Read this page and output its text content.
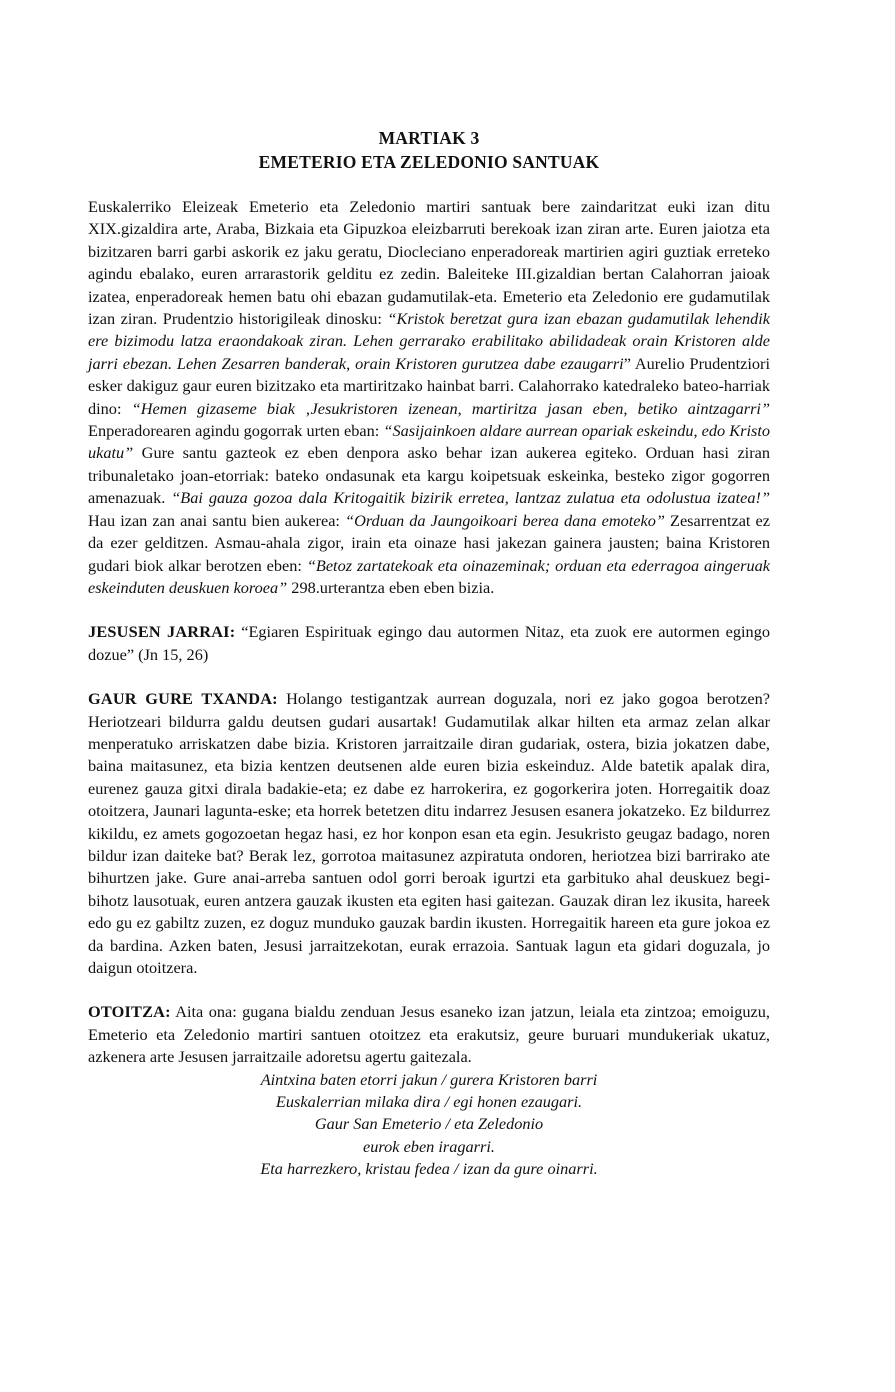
MARTIAK 3
EMETERIO ETA ZELEDONIO SANTUAK

Euskalerriko Eleizeak Emeterio eta Zeledonio martiri santuak bere zaindaritzat euki izan ditu XIX.gizaldira arte, Araba, Bizkaia eta Gipuzkoa eleizbarruti berekoak izan ziran arte. Euren jaiotza eta bizitzaren barri garbi askorik ez jaku geratu, Diocleciano enperadoreak martirien agiri guztiak erreteko agindu ebalako, euren arrarastorik gelditu ez zedin. Baleiteke III.gizaldian bertan Calahorran jaioak izatea, enperadoreak hemen batu ohi ebazan gudamutilak-eta. Emeterio eta Zeledonio ere gudamutilak izan ziran. Prudentzio historigileak dinosku: “Kristok beretzat gura izan ebazan gudamutilak lehendik ere bizimodu latza eraondakoak ziran. Lehen gerrarako erabilitako abilidadeak orain Kristoren alde jarri ebezan. Lehen Zesarren banderak, orain Kristoren gurutzea dabe ezaugarri” Aurelio Prudentziori esker dakiguz gaur euren bizitzako eta martiritzako hainbat barri. Calahorrako katedraleko bateo-harriak dino: “Hemen gizaseme biak ‚Jesukristoren izenean, martiritza jasan eben, betiko aintzagarri” Enperadorearen agindu gogorrak urten eban: “Sasijainkoen aldare aurrean opariak eskeindu, edo Kristo ukatu” Gure santu gazteok ez eben denpora asko behar izan aukerea egiteko. Orduan hasi ziran tribunaletako joan-etorriak: bateko ondasunak eta kargu koipetsuak eskeinka, besteko zigor gogorren amenazuak. “Bai gauza gozoa dala Kritogaitik bizirik erretea, lantzaz zulatua eta odolustua izatea!” Hau izan zan anai santu bien aukerea: “Orduan da Jaungoikoari berea dana emoteko” Zesarrentzat ez da ezer gelditzen. Asmau-ahala zigor, irain eta oinaze hasi jakezan gainera jausten; baina Kristoren gudari biok alkar berotzen eben: “Betoz zartatekoak eta oinazeminak; orduan eta ederragoa aingeruak eskeinduten deuskuen koroea” 298.urterantza eben eben bizia.

JESUSEN JARRAI: “Egiaren Espirituak egingo dau autormen Nitaz, eta zuok ere autormen egingo dozue” (Jn 15, 26)

GAUR GURE TXANDA: Holango testigantzak aurrean doguzala, nori ez jako gogoa berotzen? Heriotzeari bildurra galdu deutsen gudari ausartak! Gudamutilak alkar hilten eta armaz zelan alkar menperatuko arriskatzen dabe bizia. Kristoren jarraitzaile diran gudariak, ostera, bizia jokatzen dabe, baina maitasunez, eta bizia kentzen deutsenen alde euren bizia eskeinduz. Alde batetik apalak dira, eurenez gauza gitxi dirala badakie-eta; ez dabe ez harrokerira, ez gogorkerira joten. Horregaitik doaz otoitzera, Jaunari lagunta-eske; eta horrek betetzen ditu indarrez Jesusen esanera jokatzeko. Ez bildurrez kikildu, ez amets gogozoetan hegaz hasi, ez hor konpon esan eta egin. Jesukristo geugaz badago, noren bildur izan daiteke bat? Berak lez, gorrotoa maitasunez azpiratuta ondoren, heriotzea bizi barrirako ate bihurtzen jake. Gure anai-arreba santuen odol gorri beroak igurtzi eta garbituko ahal deuskuez begi-bihotz lausotuak, euren antzera gauzak ikusten eta egiten hasi gaitezan. Gauzak diran lez ikusita, hareek edo gu ez gabiltz zuzen, ez doguz munduko gauzak bardin ikusten. Horregaitik hareen eta gure jokoa ez da bardina. Azken baten, Jesusi jarraitzekotan, eurak errazoia. Santuak lagun eta gidari doguzala, jo daigun otoitzera.

OTOITZA: Aita ona: gugana bialdu zenduan Jesus esaneko izan jatzun, leiala eta zintzoa; emoiguzu, Emeterio eta Zeledonio martiri santuen otoitzez eta erakutsiz, geure buruari mundukeriak ukatuz, azkenera arte Jesusen jarraitzaile adoretsu agertu gaitezala.

Aintxina baten etorri jakun / gurera Kristoren barri
Euskalerrian milaka dira / egi honen ezaugari.
Gaur San Emeterio / eta Zeledonio
eurok eben iragarri.
Eta harrezkero, kristau fedea / izan da gure oinarri.
